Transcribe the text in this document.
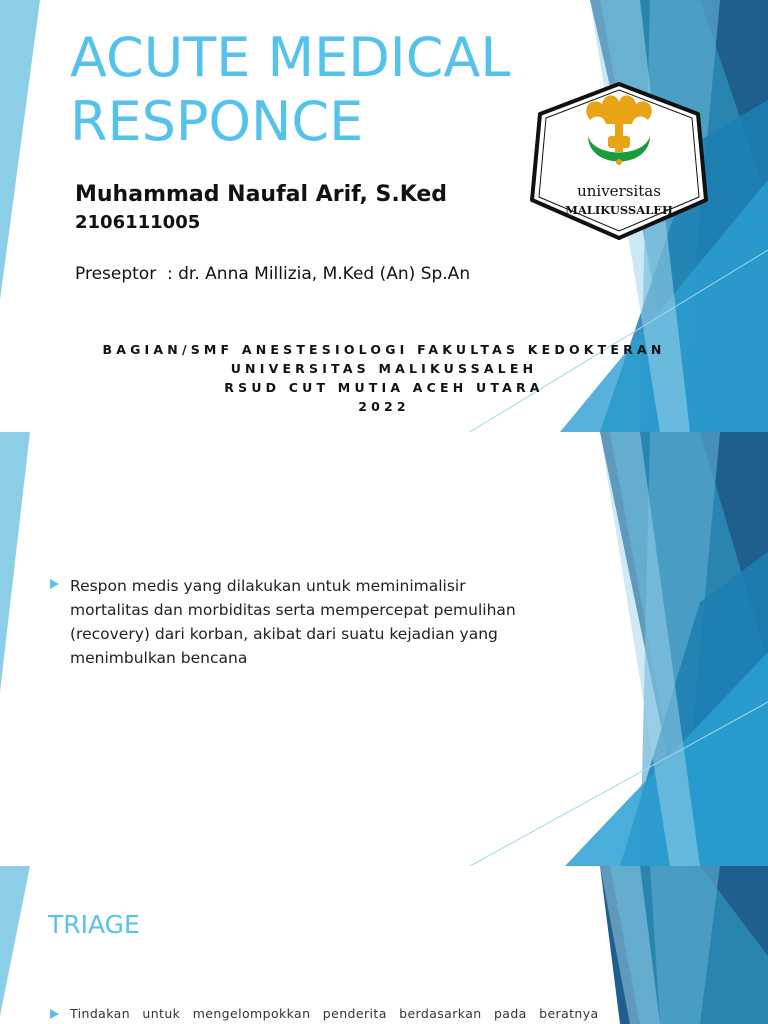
ACUTE MEDICAL
RESPONCE
Muhammad Naufal Arif, S.Ked
2106111005
Preseptor  : dr. Anna Millizia, M.Ked (An) Sp.An
BAGIAN/SMF ANESTESIOLOGI FAKULTAS KEDOKTERAN
UNIVERSITAS MALIKUSSALEH
RSUD CUT MUTIA ACEH UTARA
2022
universitas
MALIKUSSALEH
Respon medis yang dilakukan untuk meminimalisir
mortalitas dan morbiditas serta mempercepat pemulihan
(recovery) dari korban, akibat dari suatu kejadian yang
menimbulkan bencana
TRIAGE
Tindakan untuk mengelompokkan penderita berdasarkan pada beratnya
